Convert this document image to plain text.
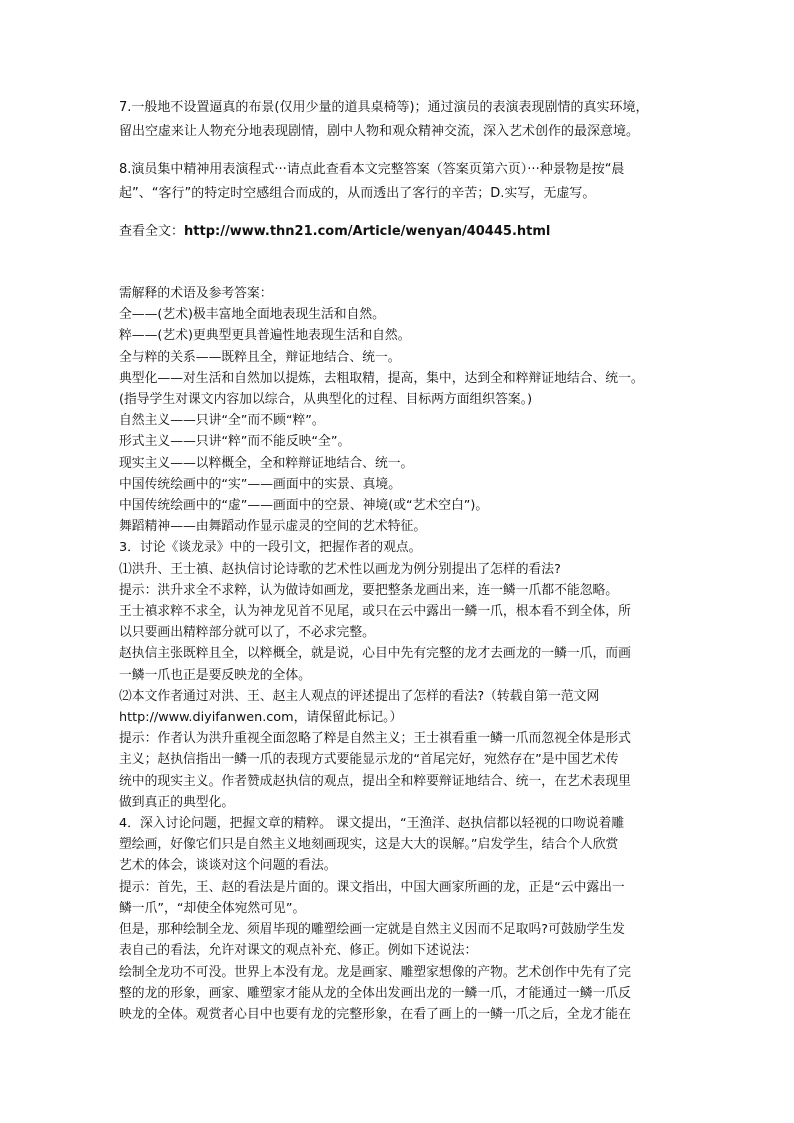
7.一般地不设置逼真的布景(仅用少量的道具桌椅等)；通过演员的表演表现剧情的真实环境，
留出空虚来让人物充分地表现剧情，剧中人物和观众精神交流，深入艺术创作的最深意境。
8.演员集中精神用表演程式···请点此查看本文完整答案（答案页第六页）···种景物是按“晨
起”、“客行”的特定时空感组合而成的，从而透出了客行的辛苦；D.实写，无虚写。
查看全文：http://www.thn21.com/Article/wenyan/40445.html
需解释的术语及参考答案：
全——(艺术)极丰富地全面地表现生活和自然。
粹——(艺术)更典型更具普遍性地表现生活和自然。
全与粹的关系——既粹且全，辩证地结合、统一。
典型化——对生活和自然加以提炼，去粗取精，提高，集中，达到全和粹辩证地结合、统一。
(指导学生对课文内容加以综合，从典型化的过程、目标两方面组织答案。)
自然主义——只讲“全”而不顾“粹”。
形式主义——只讲“粹”而不能反映“全”。
现实主义——以粹概全，全和粹辩证地结合、统一。
中国传统绘画中的“实”——画面中的实景、真境。
中国传统绘画中的“虚”——画面中的空景、神境(或“艺术空白”)。
舞蹈精神——由舞蹈动作显示虚灵的空间的艺术特征。
3．讨论《谈龙录》中的一段引文，把握作者的观点。
⑴洪升、王士禛、赵执信讨论诗歌的艺术性以画龙为例分别提出了怎样的看法?
提示：洪升求全不求粹，认为做诗如画龙，要把整条龙画出来，连一鳞一爪都不能忽略。
王士禛求粹不求全，认为神龙见首不见尾，或只在云中露出一鳞一爪，根本看不到全体，所
以只要画出精粹部分就可以了，不必求完整。
赵执信主张既粹且全，以粹概全，就是说，心目中先有完整的龙才去画龙的一鳞一爪，而画
一鳞一爪也正是要反映龙的全体。
⑵本文作者通过对洪、王、赵主人观点的评述提出了怎样的看法?（转载自第一范文网
http://www.diyifanwen.com，请保留此标记。）
提示：作者认为洪升重视全面忽略了粹是自然主义；王士祺看重一鳞一爪而忽视全体是形式
主义；赵执信指出一鳞一爪的表现方式要能显示龙的“首尾完好，宛然存在”是中国艺术传
统中的现实主义。作者赞成赵执信的观点，提出全和粹要辩证地结合、统一，在艺术表现里
做到真正的典型化。
4．深入讨论问题，把握文章的精粹。 课文提出，“王渔洋、赵执信都以轻视的口吻说着雕
塑绘画，好像它们只是自然主义地刻画现实，这是大大的误解。”启发学生，结合个人欣赏
艺术的体会，谈谈对这个问题的看法。
提示：首先，王、赵的看法是片面的。课文指出，中国大画家所画的龙，正是“云中露出一
鳞一爪”，“却使全体宛然可见”。
但是，那种绘制全龙、须眉毕现的雕塑绘画一定就是自然主义因而不足取吗?可鼓励学生发
表自己的看法，允许对课文的观点补充、修正。例如下述说法：
绘制全龙功不可没。世界上本没有龙。龙是画家、雕塑家想像的产物。艺术创作中先有了完
整的龙的形象，画家、雕塑家才能从龙的全体出发画出龙的一鳞一爪，才能通过一鳞一爪反
映龙的全体。观赏者心目中也要有龙的完整形象，在看了画上的一鳞一爪之后，全龙才能在
